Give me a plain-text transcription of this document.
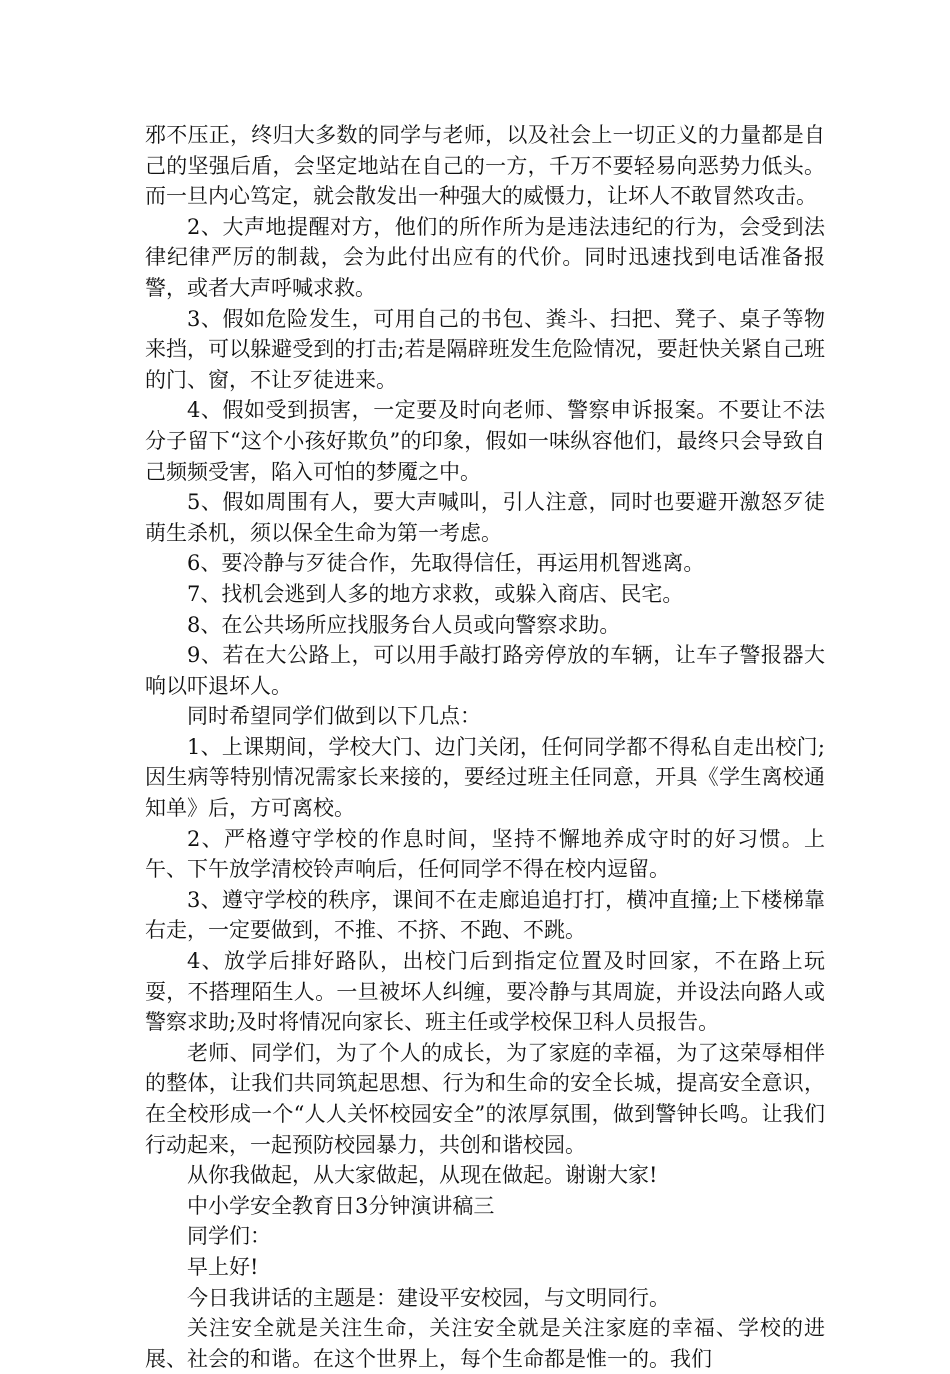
邪不压正，终归大多数的同学与老师，以及社会上一切正义的力量都是自己的坚强后盾，会坚定地站在自己的一方，千万不要轻易向恶势力低头。而一旦内心笃定，就会散发出一种强大的威慑力，让坏人不敢冒然攻击。

2、大声地提醒对方，他们的所作所为是违法违纪的行为，会受到法律纪律严厉的制裁，会为此付出应有的代价。同时迅速找到电话准备报警，或者大声呼喊求救。

3、假如危险发生，可用自己的书包、粪斗、扫把、凳子、桌子等物来挡，可以躲避受到的打击;若是隔辟班发生危险情况，要赶快关紧自己班的门、窗，不让歹徒进来。

4、假如受到损害，一定要及时向老师、警察申诉报案。不要让不法分子留下“这个小孩好欺负”的印象，假如一味纵容他们，最终只会导致自己频频受害，陷入可怕的梦魇之中。

5、假如周围有人，要大声喊叫，引人注意，同时也要避开激怒歹徒萌生杀机，须以保全生命为第一考虑。

6、要冷静与歹徒合作，先取得信任，再运用机智逃离。

7、找机会逃到人多的地方求救，或躲入商店、民宅。

8、在公共场所应找服务台人员或向警察求助。

9、若在大公路上，可以用手敲打路旁停放的车辆，让车子警报器大响以吓退坏人。

同时希望同学们做到以下几点：

1、上课期间，学校大门、边门关闭，任何同学都不得私自走出校门;因生病等特别情况需家长来接的，要经过班主任同意，开具《学生离校通知单》后，方可离校。

2、严格遵守学校的作息时间，坚持不懈地养成守时的好习惯。上午、下午放学清校铃声响后，任何同学不得在校内逗留。

3、遵守学校的秩序，课间不在走廊追追打打，横冲直撞;上下楼梯靠右走，一定要做到，不推、不挤、不跑、不跳。

4、放学后排好路队，出校门后到指定位置及时回家，不在路上玩耍，不搭理陌生人。一旦被坏人纠缠，要冷静与其周旋，并设法向路人或警察求助;及时将情况向家长、班主任或学校保卫科人员报告。

老师、同学们，为了个人的成长，为了家庭的幸福，为了这荣辱相伴的整体，让我们共同筑起思想、行为和生命的安全长城，提高安全意识，在全校形成一个“人人关怀校园安全”的浓厚氛围，做到警钟长鸣。让我们行动起来，一起预防校园暴力，共创和谐校园。

从你我做起，从大家做起，从现在做起。谢谢大家!

中小学安全教育日3分钟演讲稿三

同学们：

早上好!

今日我讲话的主题是：建设平安校园，与文明同行。

关注安全就是关注生命，关注安全就是关注家庭的幸福、学校的进展、社会的和谐。在这个世界上，每个生命都是惟一的。我们
